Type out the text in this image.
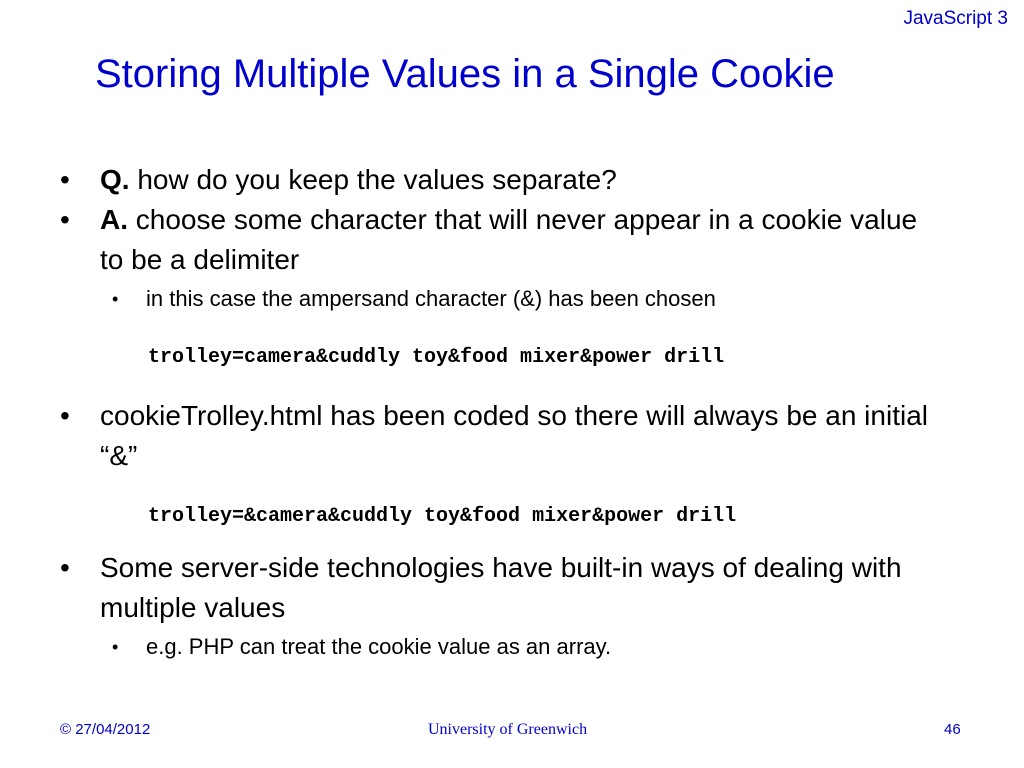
JavaScript 3
Storing Multiple Values in a Single Cookie
•	Q. how do you keep the values separate?
•	A. choose some character that will never appear in a cookie value to be a delimiter
• in this case the ampersand character (&) has been chosen
trolley=camera&cuddly toy&food mixer&power drill
•	cookieTrolley.html has been coded so there will always be an initial “&”
trolley=&camera&cuddly toy&food mixer&power drill
•	Some server-side technologies have built-in ways of dealing with multiple values
• e.g. PHP can treat the cookie value as an array.
© 27/04/2012	University of Greenwich	46
